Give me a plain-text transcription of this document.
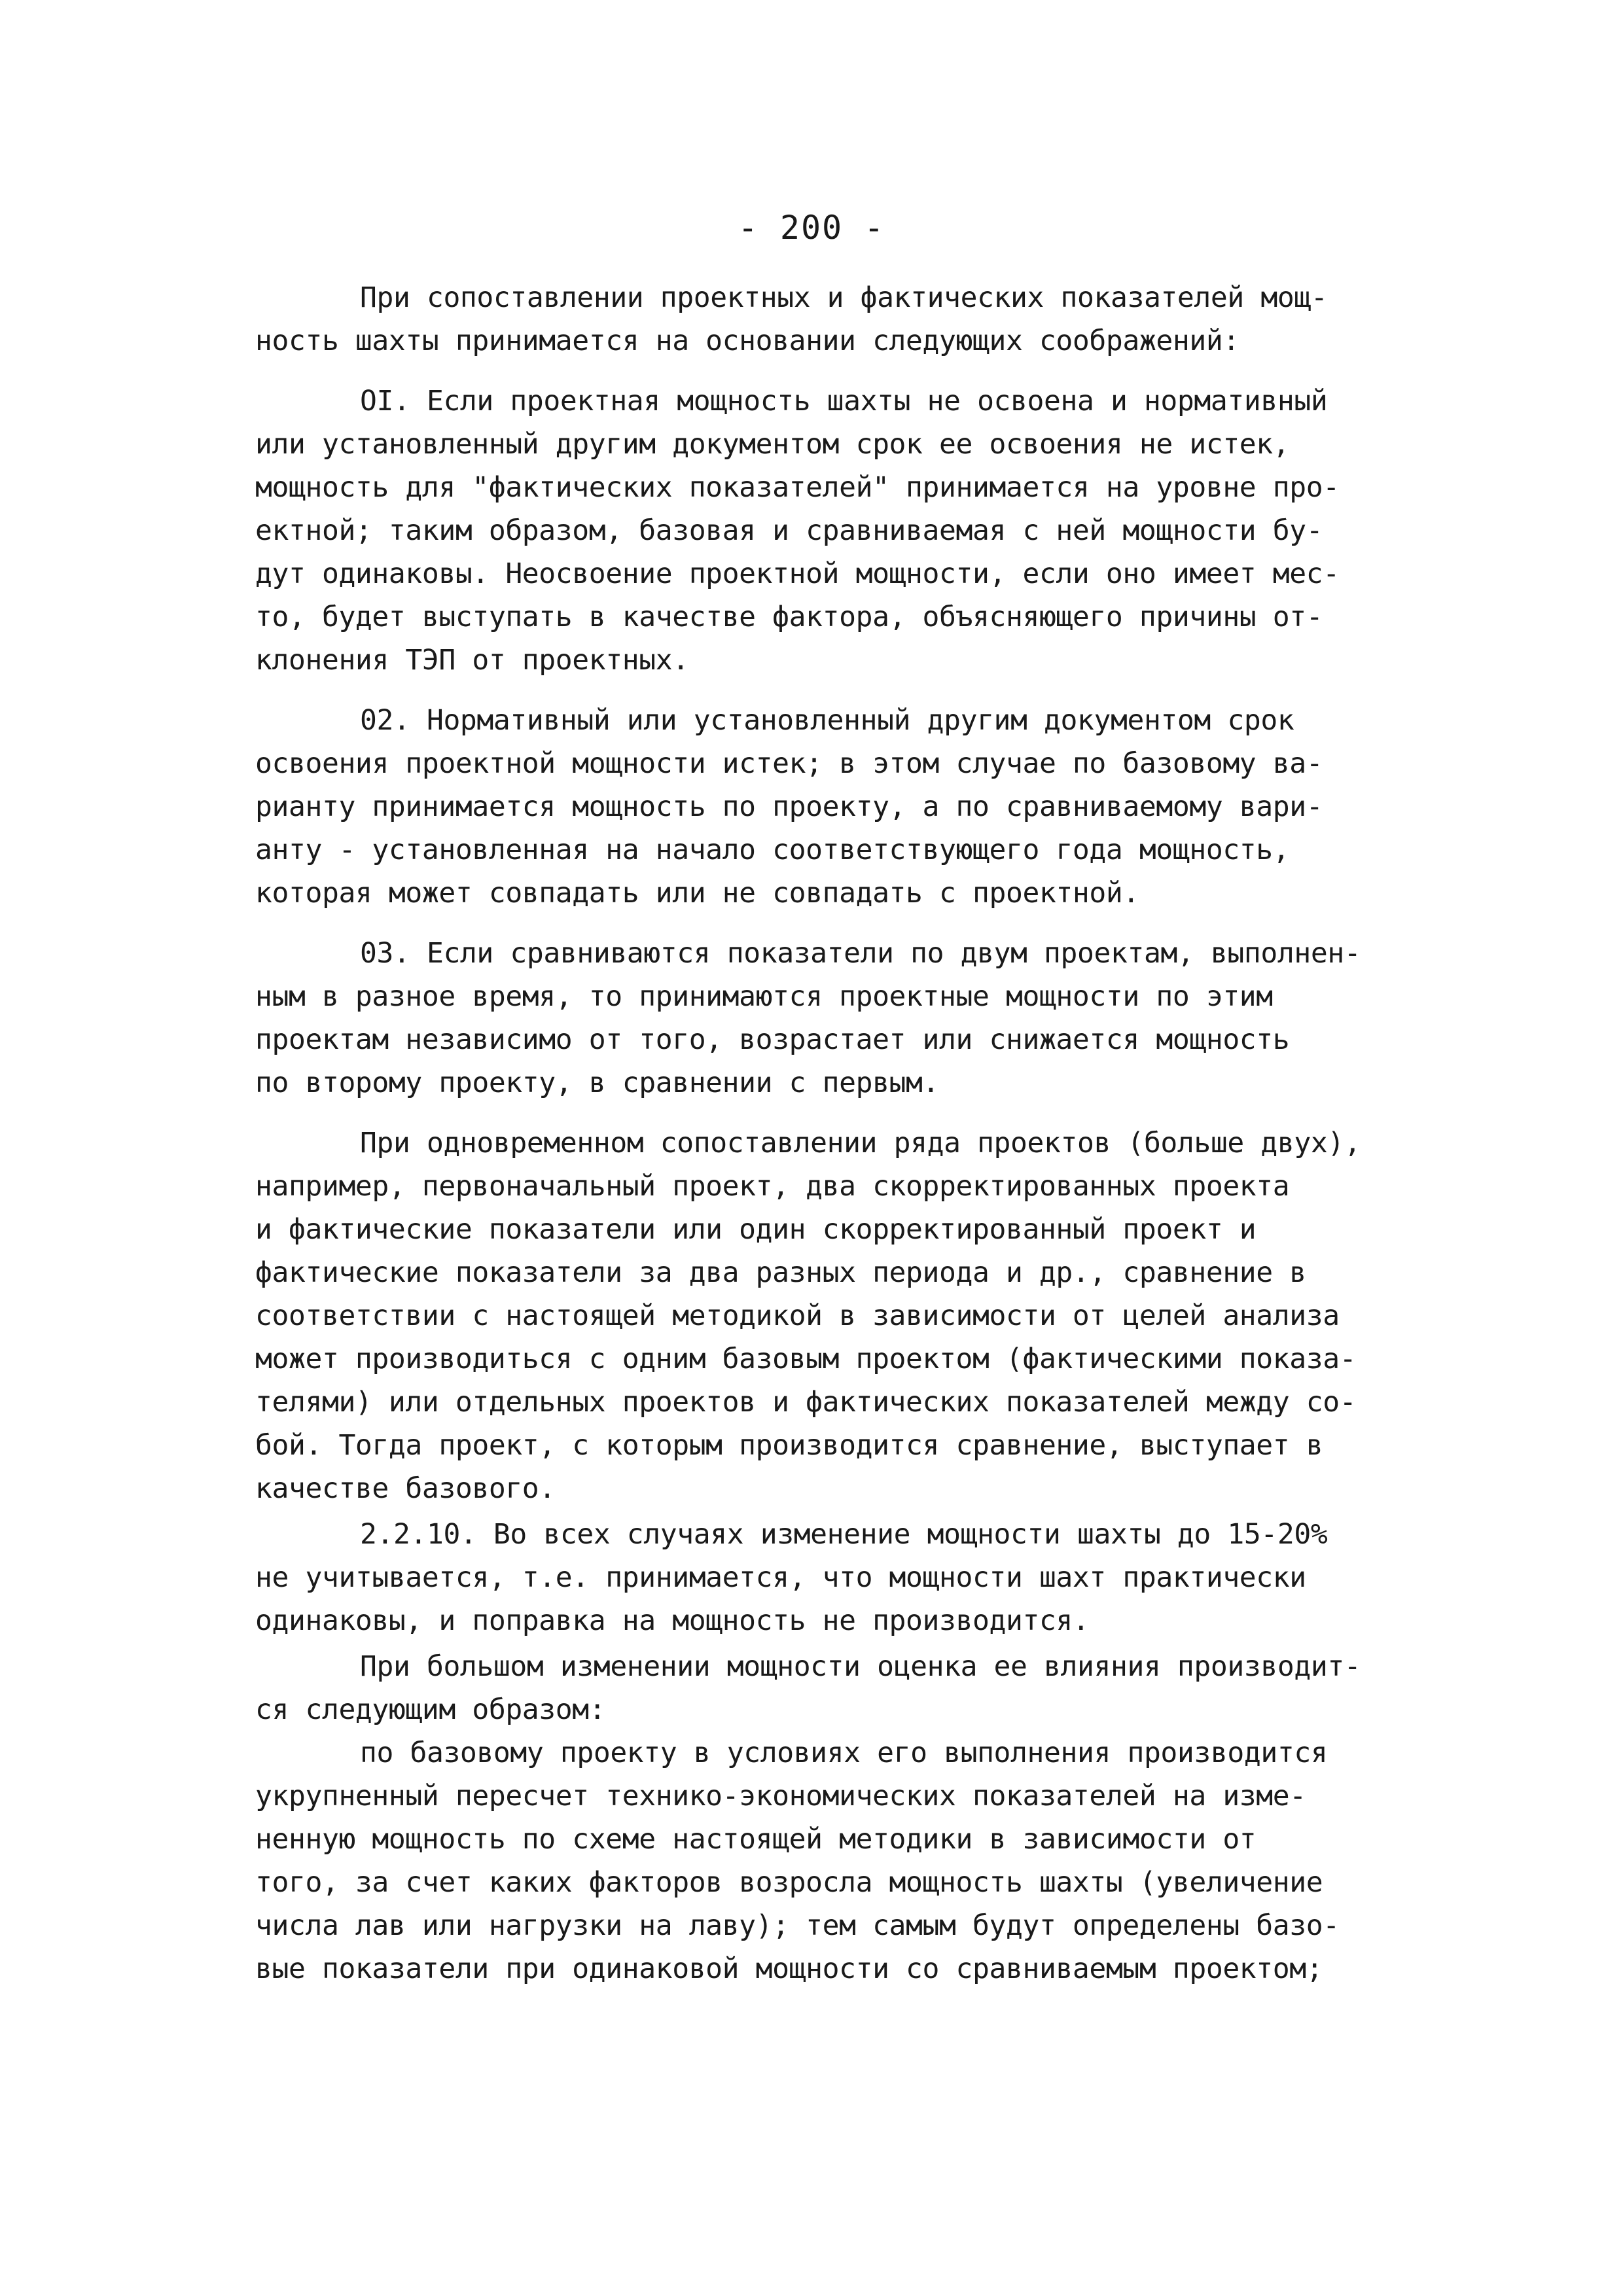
- 200 -
При сопоставлении проектных и фактических показателей мощ-
ность шахты принимается на основании следующих соображений:
OI. Если проектная мощность шахты не освоена и нормативный
или установленный другим документом срок ее освоения не истек,
мощность для "фактических показателей" принимается на уровне про-
ектной; таким образом, базовая и сравниваемая с ней мощности бу-
дут одинаковы. Неосвоение проектной мощности, если оно имеет мес-
то, будет выступать в качестве фактора, объясняющего причины от-
клонения ТЭП от проектных.
02. Нормативный или установленный другим документом срок
освоения проектной мощности истек; в этом случае по базовому ва-
рианту принимается мощность по проекту, а по сравниваемому вари-
анту - установленная на начало соответствующего года мощность,
которая может совпадать или не совпадать с проектной.
03. Если сравниваются показатели по двум проектам, выполнен-
ным в разное время, то принимаются проектные мощности по этим
проектам независимо от того, возрастает или снижается мощность
по второму проекту, в сравнении с первым.
При одновременном сопоставлении ряда проектов (больше двух),
например, первоначальный проект, два скорректированных проекта
и фактические показатели или один скорректированный проект и
фактические показатели за два разных периода и др., сравнение в
соответствии с настоящей методикой в зависимости от целей анализа
может производиться с одним базовым проектом (фактическими показа-
телями) или отдельных проектов и фактических показателей между со-
бой. Тогда проект, с которым производится сравнение, выступает в
качестве базового.
2.2.10. Во всех случаях изменение мощности шахты до 15-20%
не учитывается, т.е. принимается, что мощности шахт практически
одинаковы, и поправка на мощность не производится.
При большом изменении мощности оценка ее влияния производит-
ся следующим образом:
по базовому проекту в условиях его выполнения производится
укрупненный пересчет технико-экономических показателей на изме-
ненную мощность по схеме настоящей методики в зависимости от
того, за счет каких факторов возросла мощность шахты (увеличение
числа лав или нагрузки на лаву); тем самым будут определены базо-
вые показатели при одинаковой мощности со сравниваемым проектом;
